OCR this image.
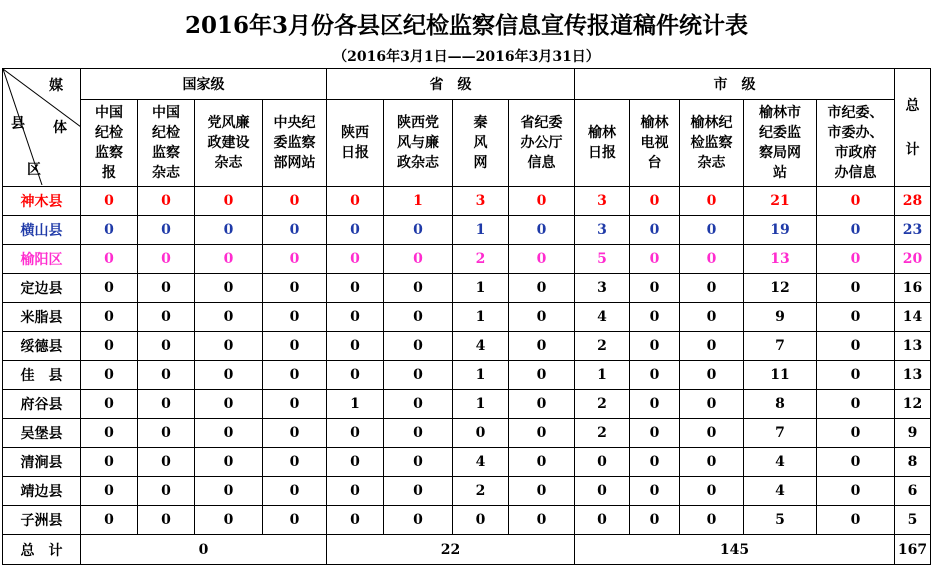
2016年3月份各县区纪检监察信息宣传报道稿件统计表
（2016年3月1日——2016年3月31日）
媒
县 体
区	国家级				省　级				市　级					总

计

	中国
纪检
监察
报	中国
纪检
监察
杂志	党风廉
政建设
杂志	中央纪
委监察
部网站	陕西
日报	陕西党
风与廉
政杂志	秦
风
网	省纪委
办公厅
信息	榆林
日报	榆林
电视
台	榆林纪
检监察
杂志	榆林市
纪委监
察局网
站	市纪委、
市委办、
市政府
办信息	

神木县	0	0	0	0	0	1	3	0	3	0	0	21	0	28
横山县	0	0	0	0	0	0	1	0	3	0	0	19	0	23
榆阳区	0	0	0	0	0	0	2	0	5	0	0	13	0	20
定边县	0	0	0	0	0	0	1	0	3	0	0	12	0	16
米脂县	0	0	0	0	0	0	1	0	4	0	0	9	0	14
绥德县	0	0	0	0	0	0	4	0	2	0	0	7	0	13
佳　县	0	0	0	0	0	0	1	0	1	0	0	11	0	13
府谷县	0	0	0	0	1	0	1	0	2	0	0	8	0	12
吴堡县	0	0	0	0	0	0	0	0	2	0	0	7	0	9
清涧县	0	0	0	0	0	0	4	0	0	0	0	4	0	8
靖边县	0	0	0	0	0	0	2	0	0	0	0	4	0	6
子洲县	0	0	0	0	0	0	0	0	0	0	0	5	0	5
总　计	0				22				145					167
